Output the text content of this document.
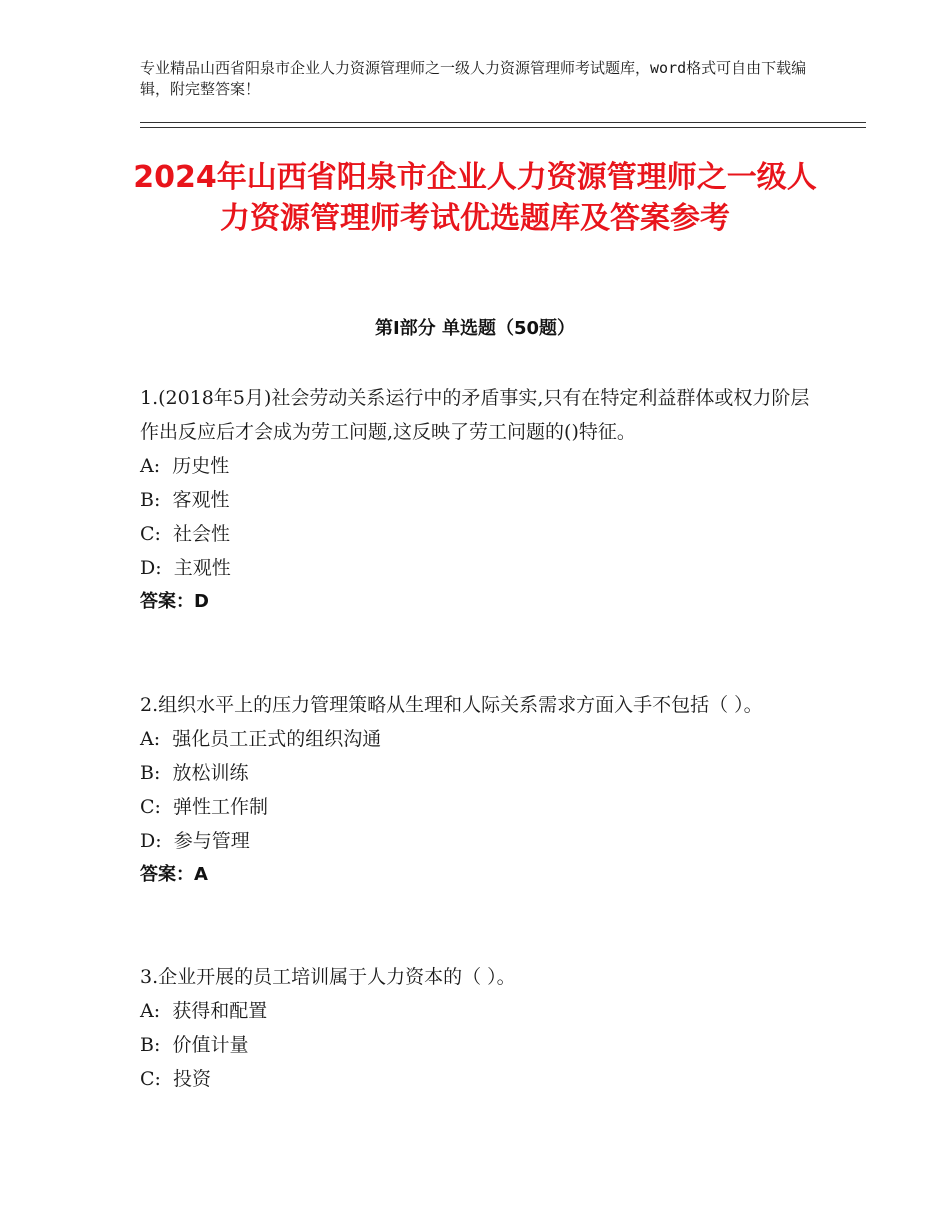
专业精品山西省阳泉市企业人力资源管理师之一级人力资源管理师考试题库，word格式可自由下载编辑，附完整答案！
2024年山西省阳泉市企业人力资源管理师之一级人力资源管理师考试优选题库及答案参考
第Ⅰ部分 单选题（50题）

1.(2018年5月)社会劳动关系运行中的矛盾事实,只有在特定利益群体或权力阶层作出反应后才会成为劳工问题,这反映了劳工问题的()特征。

A:  历史性

B:  客观性

C:  社会性

D:  主观性

答案：D

2.组织水平上的压力管理策略从生理和人际关系需求方面入手不包括（ ）。

A:  强化员工正式的组织沟通

B:  放松训练

C:  弹性工作制

D:  参与管理

答案：A

3.企业开展的员工培训属于人力资本的（ ）。

A:  获得和配置

B:  价值计量

C:  投资
